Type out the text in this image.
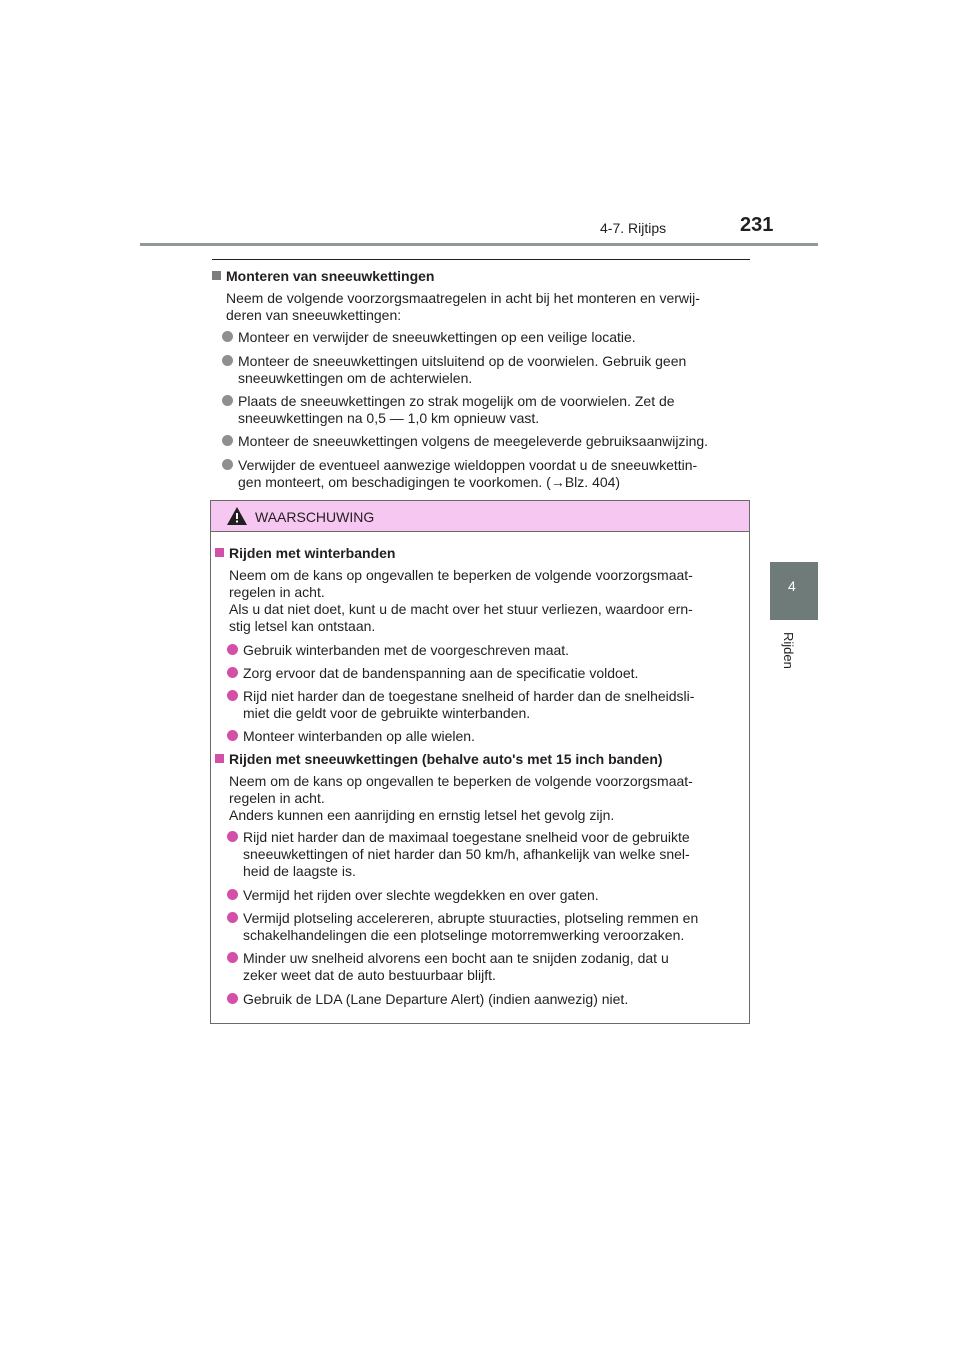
4-7. Rijtips	231
4
Rijden
Monteren van sneeuwkettingen
Neem de volgende voorzorgsmaatregelen in acht bij het monteren en verwij-
deren van sneeuwkettingen:
Monteer en verwijder de sneeuwkettingen op een veilige locatie.
Monteer de sneeuwkettingen uitsluitend op de voorwielen. Gebruik geen
sneeuwkettingen om de achterwielen.
Plaats de sneeuwkettingen zo strak mogelijk om de voorwielen. Zet de
sneeuwkettingen na 0,5 — 1,0 km opnieuw vast.
Monteer de sneeuwkettingen volgens de meegeleverde gebruiksaanwijzing.
Verwijder de eventueel aanwezige wieldoppen voordat u de sneeuwkettin-
gen monteert, om beschadigingen te voorkomen. (→Blz. 404)
WAARSCHUWING
Rijden met winterbanden
Neem om de kans op ongevallen te beperken de volgende voorzorgsmaat-
regelen in acht.
Als u dat niet doet, kunt u de macht over het stuur verliezen, waardoor ern-
stig letsel kan ontstaan.
Gebruik winterbanden met de voorgeschreven maat.
Zorg ervoor dat de bandenspanning aan de specificatie voldoet.
Rijd niet harder dan de toegestane snelheid of harder dan de snelheidsli-
miet die geldt voor de gebruikte winterbanden.
Monteer winterbanden op alle wielen.
Rijden met sneeuwkettingen (behalve auto's met 15 inch banden)
Neem om de kans op ongevallen te beperken de volgende voorzorgsmaat-
regelen in acht.
Anders kunnen een aanrijding en ernstig letsel het gevolg zijn.
Rijd niet harder dan de maximaal toegestane snelheid voor de gebruikte
sneeuwkettingen of niet harder dan 50 km/h, afhankelijk van welke snel-
heid de laagste is.
Vermijd het rijden over slechte wegdekken en over gaten.
Vermijd plotseling accelereren, abrupte stuuracties, plotseling remmen en
schakelhandelingen die een plotselinge motorremwerking veroorzaken.
Minder uw snelheid alvorens een bocht aan te snijden zodanig, dat u
zeker weet dat de auto bestuurbaar blijft.
Gebruik de LDA (Lane Departure Alert) (indien aanwezig) niet.
